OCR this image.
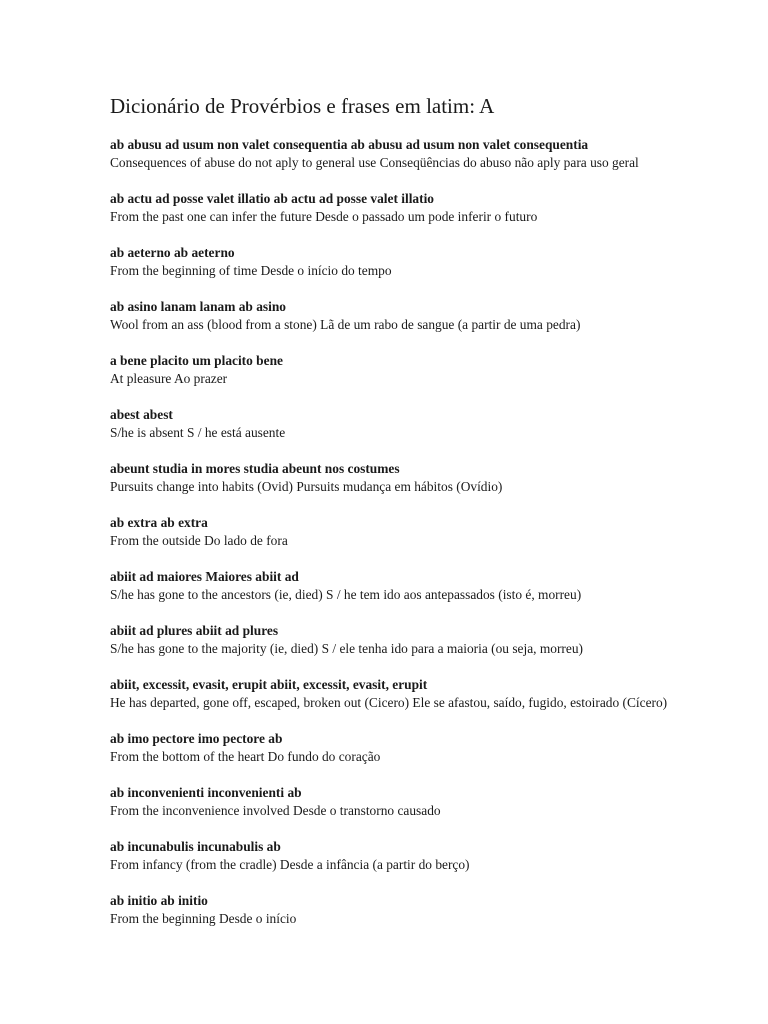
Dicionário de Provérbios e frases em latim: A
ab abusu ad usum non valet consequentia ab abusu ad usum non valet consequentia
Consequences of abuse do not aply to general use Conseqüências do abuso não aply para uso geral
ab actu ad posse valet illatio ab actu ad posse valet illatio
From the past one can infer the future Desde o passado um pode inferir o futuro
ab aeterno ab aeterno
From the beginning of time Desde o início do tempo
ab asino lanam lanam ab asino
Wool from an ass (blood from a stone) Lã de um rabo de sangue (a partir de uma pedra)
a bene placito um placito bene
At pleasure Ao prazer
abest abest
S/he is absent S / he está ausente
abeunt studia in mores studia abeunt nos costumes
Pursuits change into habits (Ovid) Pursuits mudança em hábitos (Ovídio)
ab extra ab extra
From the outside Do lado de fora
abiit ad maiores Maiores abiit ad
S/he has gone to the ancestors (ie, died) S / he tem ido aos antepassados (isto é, morreu)
abiit ad plures abiit ad plures
S/he has gone to the majority (ie, died) S / ele tenha ido para a maioria (ou seja, morreu)
abiit, excessit, evasit, erupit abiit, excessit, evasit, erupit
He has departed, gone off, escaped, broken out (Cicero) Ele se afastou, saído, fugido, estoirado (Cícero)
ab imo pectore imo pectore ab
From the bottom of the heart Do fundo do coração
ab inconvenienti inconvenienti ab
From the inconvenience involved Desde o transtorno causado
ab incunabulis incunabulis ab
From infancy (from the cradle) Desde a infância (a partir do berço)
ab initio ab initio
From the beginning Desde o início
